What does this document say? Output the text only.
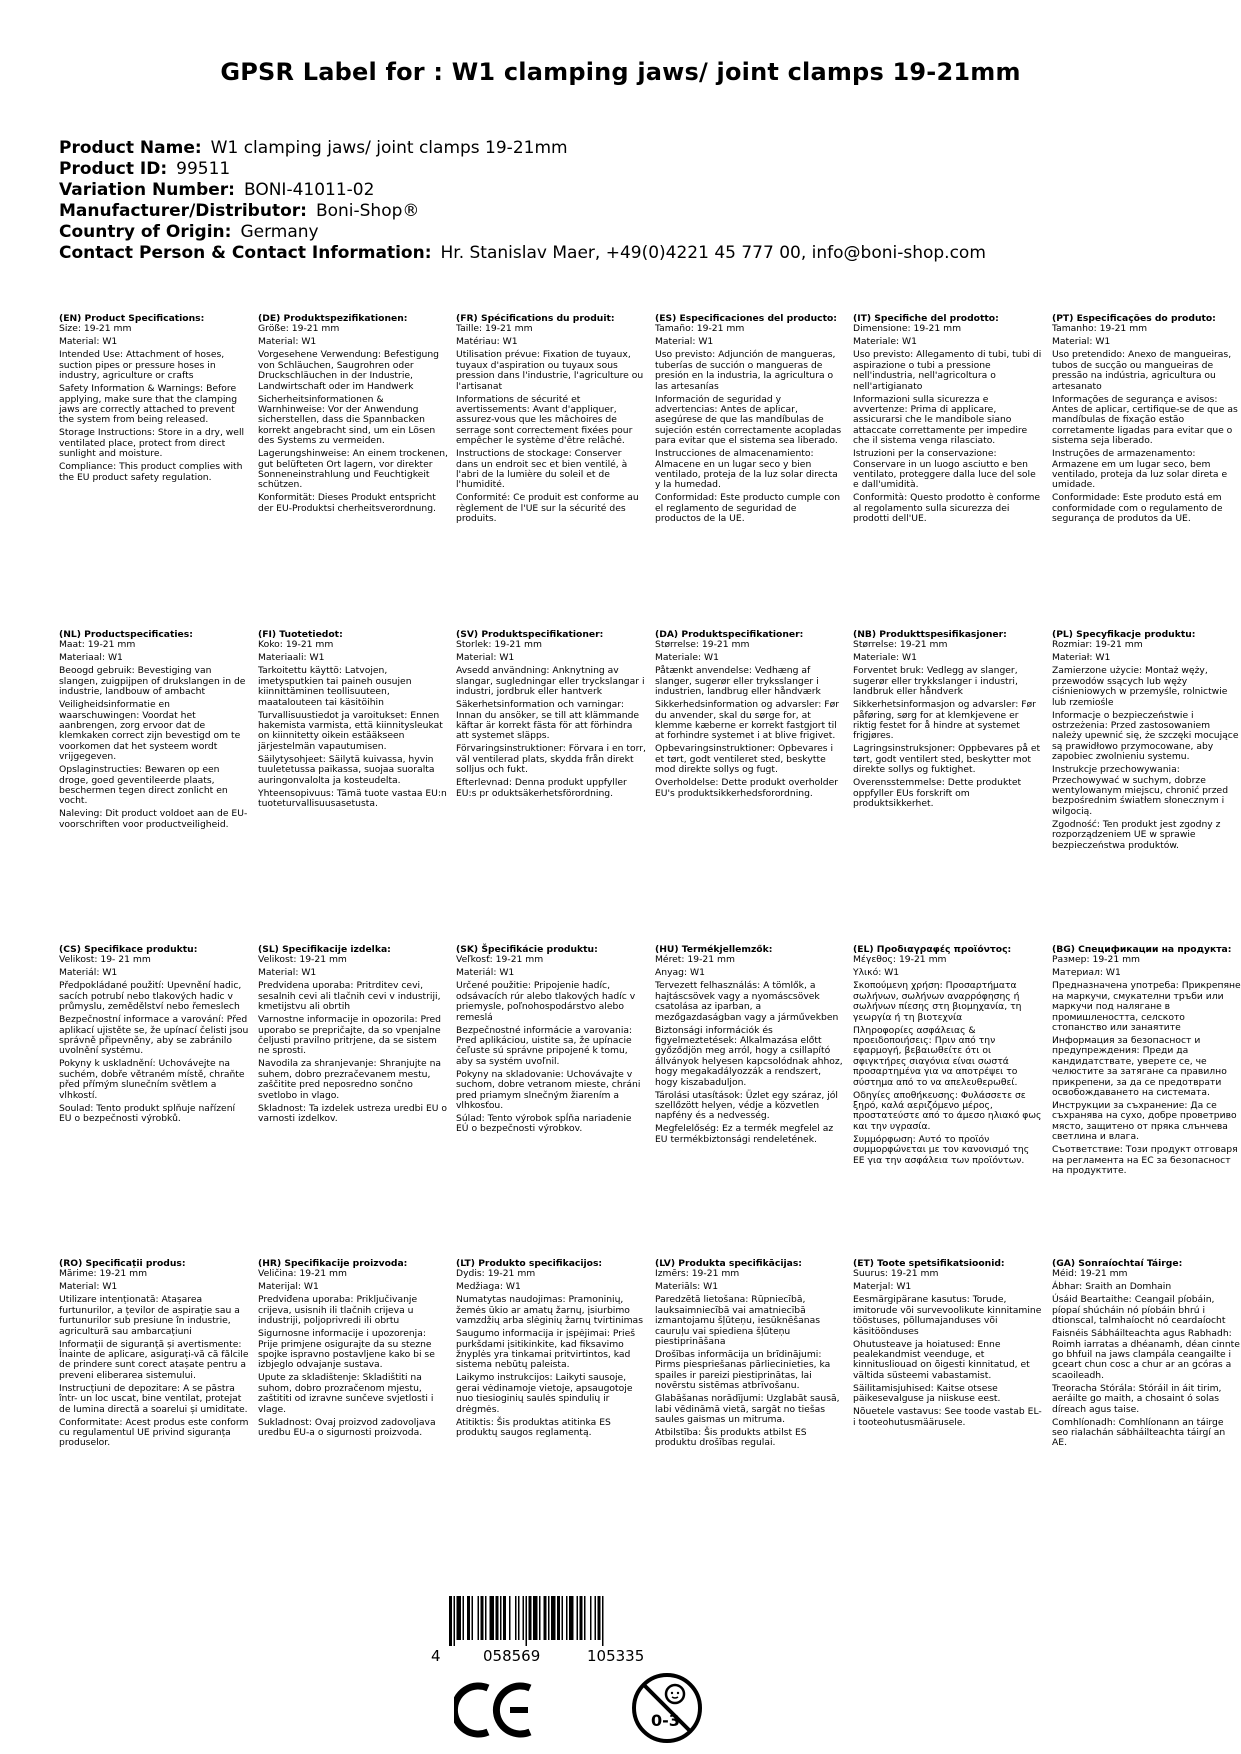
GPSR Label for : W1 clamping jaws/ joint clamps 19-21mm
Product Name: W1 clamping jaws/ joint clamps 19-21mm
Product ID: 99511
Variation Number: BONI-41011-02
Manufacturer/Distributor: Boni-Shop®
Country of Origin: Germany
Contact Person & Contact Information: Hr. Stanislav Maer, +49(0)4221 45 777 00, info@boni-shop.com
(EN) Product Specifications:

Size: 19-21 mm

Material: W1

Intended Use: Attachment of hoses, suction pipes or pressure hoses in industry, agriculture or crafts

Safety Information & Warnings: Before applying, make sure that the clamping jaws are correctly attached to prevent the system from being released.

Storage Instructions: Store in a dry, well ventilated place, protect from direct sunlight and moisture.

Compliance: This product complies with the EU product safety regulation.

(DE) Produktspezifikationen:

Größe: 19-21 mm

Material: W1

Vorgesehene Verwendung: Befestigung von Schläuchen, Saugrohren oder Druckschläuchen in der Industrie, Landwirtschaft oder im Handwerk

Sicherheitsinformationen & Warnhinweise: Vor der Anwendung sicherstellen, dass die Spannbacken korrekt angebracht sind, um ein Lösen des Systems zu vermeiden.

Lagerungshinweise: An einem trockenen, gut belüfteten Ort lagern, vor direkter Sonneneinstrahlung und Feuchtigkeit schützen.

Konformität: Dieses Produkt entspricht der EU-Produktsi cherheitsverordnung.

(FR) Spécifications du produit:

Taille: 19-21 mm

Matériau: W1

Utilisation prévue: Fixation de tuyaux, tuyaux d'aspiration ou tuyaux sous pression dans l'industrie, l'agriculture ou l'artisanat

Informations de sécurité et avertissements: Avant d'appliquer, assurez-vous que les mâchoires de serrage sont correctement fixées pour empêcher le système d'être relâché.

Instructions de stockage: Conserver dans un endroit sec et bien ventilé, à l'abri de la lumière du soleil et de l'humidité.

Conformité: Ce produit est conforme au règlement de l'UE sur la sécurité des produits.

(ES) Especificaciones del producto:

Tamaño: 19-21 mm

Material: W1

Uso previsto: Adjunción de mangueras, tuberías de succión o mangueras de presión en la industria, la agricultura o las artesanías

Información de seguridad y advertencias: Antes de aplicar, asegúrese de que las mandíbulas de sujeción estén correctamente acopladas para evitar que el sistema sea liberado.

Instrucciones de almacenamiento: Almacene en un lugar seco y bien ventilado, proteja de la luz solar directa y la humedad.

Conformidad: Este producto cumple con el reglamento de seguridad de productos de la UE.

(IT) Specifiche del prodotto:

Dimensione: 19-21 mm

Materiale: W1

Uso previsto: Allegamento di tubi, tubi di aspirazione o tubi a pressione nell'industria, nell'agricoltura o nell'artigianato

Informazioni sulla sicurezza e avvertenze: Prima di applicare, assicurarsi che le mandibole siano attaccate correttamente per impedire che il sistema venga rilasciato.

Istruzioni per la conservazione: Conservare in un luogo asciutto e ben ventilato, proteggere dalla luce del sole e dall'umidità.

Conformità: Questo prodotto è conforme al regolamento sulla sicurezza dei prodotti dell'UE.

(PT) Especificações do produto:

Tamanho: 19-21 mm

Material: W1

Uso pretendido: Anexo de mangueiras, tubos de sucção ou mangueiras de pressão na indústria, agricultura ou artesanato

Informações de segurança e avisos: Antes de aplicar, certifique-se de que as mandíbulas de fixação estão corretamente ligadas para evitar que o sistema seja liberado.

Instruções de armazenamento: Armazene em um lugar seco, bem ventilado, proteja da luz solar direta e umidade.

Conformidade: Este produto está em conformidade com o regulamento de segurança de produtos da UE.

(NL) Productspecificaties:

Maat: 19-21 mm

Materiaal: W1

Beoogd gebruik: Bevestiging van slangen, zuigpijpen of drukslangen in de industrie, landbouw of ambacht

Veiligheidsinformatie en waarschuwingen: Voordat het aanbrengen, zorg ervoor dat de klemkaken correct zijn bevestigd om te voorkomen dat het systeem wordt vrijgegeven.

Opslaginstructies: Bewaren op een droge, goed geventileerde plaats, beschermen tegen direct zonlicht en vocht.

Naleving: Dit product voldoet aan de EU-voorschriften voor productveiligheid.

(FI) Tuotetiedot:

Koko: 19-21 mm

Materiaali: W1

Tarkoitettu käyttö: Latvojen, imetysputkien tai paineh ousujen kiinnittäminen teollisuuteen, maatalouteen tai käsitöihin

Turvallisuustiedot ja varoitukset: Ennen hakemista varmista, että kiinnitysleukat on kiinnitetty oikein estääkseen järjestelmän vapautumisen.

Säilytysohjeet: Säilytä kuivassa, hyvin tuuletetussa paikassa, suojaa suoralta auringonvalolta ja kosteudelta.

Yhteensopivuus: Tämä tuote vastaa EU:n tuoteturvallisuusasetusta.

(SV) Produktspecifikationer:

Storlek: 19-21 mm

Material: W1

Avsedd användning: Anknytning av slangar, sugledningar eller tryckslangar i industri, jordbruk eller hantverk

Säkerhetsinformation och varningar: Innan du ansöker, se till att klämmande käftar är korrekt fästa för att förhindra att systemet släpps.

Förvaringsinstruktioner: Förvara i en torr, väl ventilerad plats, skydda från direkt solljus och fukt.

Efterlevnad: Denna produkt uppfyller EU:s pr oduktsäkerhetsförordning.

(DA) Produktspecifikationer:

Størrelse: 19-21 mm

Materiale: W1

Påtænkt anvendelse: Vedhæng af slanger, sugerør eller tryksslanger i industrien, landbrug eller håndværk

Sikkerhedsinformation og advarsler: Før du anvender, skal du sørge for, at klemme kæberne er korrekt fastgjort til at forhindre systemet i at blive frigivet.

Opbevaringsinstruktioner: Opbevares i et tørt, godt ventileret sted, beskytte mod direkte sollys og fugt.

Overholdelse: Dette produkt overholder EU's produktsikkerhedsforordning.

(NB) Produkttspesifikasjoner:

Størrelse: 19-21 mm

Materiale: W1

Forventet bruk: Vedlegg av slanger, sugerør eller trykkslanger i industri, landbruk eller håndverk

Sikkerhetsinformasjon og advarsler: Før påføring, sørg for at klemkjevene er riktig festet for å hindre at systemet frigjøres.

Lagringsinstruksjoner: Oppbevares på et tørt, godt ventilert sted, beskytter mot direkte sollys og fuktighet.

Overensstemmelse: Dette produktet oppfyller EUs forskrift om produktsikkerhet.

(PL) Specyfikacje produktu:

Rozmiar: 19-21 mm

Materiał: W1

Zamierzone użycie: Montaż węży, przewodów ssących lub węży ciśnieniowych w przemyśle, rolnictwie lub rzemiośle

Informacje o bezpieczeństwie i ostrzeżenia: Przed zastosowaniem należy upewnić się, że szczęki mocujące są prawidłowo przymocowane, aby zapobiec zwolnieniu systemu.

Instrukcje przechowywania: Przechowywać w suchym, dobrze wentylowanym miejscu, chronić przed bezpośrednim światłem słonecznym i wilgocią.

Zgodność: Ten produkt jest zgodny z rozporządzeniem UE w sprawie bezpieczeństwa produktów.

(CS) Specifikace produktu:

Velikost: 19- 21 mm

Materiál: W1

Předpokládané použití: Upevnění hadic, sacích potrubí nebo tlakových hadic v průmyslu, zemědělství nebo řemeslech

Bezpečnostní informace a varování: Před aplikací ujistěte se, že upínací čelisti jsou správně připevněny, aby se zabránilo uvolnění systému.

Pokyny k uskladnění: Uchovávejte na suchém, dobře větraném místě, chraňte před přímým slunečním světlem a vlhkostí.

Soulad: Tento produkt splňuje nařízení EU o bezpečnosti výrobků.

(SL) Specifikacije izdelka:

Velikost: 19-21 mm

Material: W1

Predvidena uporaba: Pritrditev cevi, sesalnih cevi ali tlačnih cevi v industriji, kmetijstvu ali obrtih

Varnostne informacije in opozorila: Pred uporabo se prepričajte, da so vpenjalne čeljusti pravilno pritrjene, da se sistem ne sprosti.

Navodila za shranjevanje: Shranjujte na suhem, dobro prezračevanem mestu, zaščitite pred neposredno sončno svetlobo in vlago.

Skladnost: Ta izdelek ustreza uredbi EU o varnosti izdelkov.

(SK) Špecifikácie produktu:

Veľkosť: 19-21 mm

Materiál: W1

Určené použitie: Pripojenie hadíc, odsávacích rúr alebo tlakových hadíc v priemysle, poľnohospodárstvo alebo remeslá

Bezpečnostné informácie a varovania: Pred aplikáciou, uistite sa, že upínacie čeľuste sú správne pripojené k tomu, aby sa systém uvoľnil.

Pokyny na skladovanie: Uchovávajte v suchom, dobre vetranom mieste, chráni pred priamym slnečným žiarením a vlhkosťou.

Súlad: Tento výrobok spĺňa nariadenie EÚ o bezpečnosti výrobkov.

(HU) Termékjellemzők:

Méret: 19-21 mm

Anyag: W1

Tervezett felhasználás: A tömlők, a hajtáscsövek vagy a nyomáscsövek csatolása az iparban, a mezőgazdaságban vagy a járművekben

Biztonsági információk és figyelmeztetések: Alkalmazása előtt győződjön meg arról, hogy a csillapító állványok helyesen kapcsolódnak ahhoz, hogy megakadályozzák a rendszert, hogy kiszabaduljon.

Tárolási utasítások: Üzlet egy száraz, jól szellőzött helyen, védje a közvetlen napfény és a nedvesség.

Megfelelőség: Ez a termék megfelel az EU termékbiztonsági rendeletének.

(EL) Προδιαγραφές προϊόντος:

Μέγεθος: 19-21 mm

Υλικό: W1

Σκοπούμενη χρήση: Προσαρτήματα σωλήνων, σωλήνων αναρρόφησης ή σωλήνων πίεσης στη βιομηχανία, τη γεωργία ή τη βιοτεχνία

Πληροφορίες ασφάλειας & προειδοποιήσεις: Πριν από την εφαρμογή, βεβαιωθείτε ότι οι σφιγκτήρες σιαγόνια είναι σωστά προσαρτημένα για να αποτρέψει το σύστημα από το να απελευθερωθεί.

Οδηγίες αποθήκευσης: Φυλάσσετε σε ξηρό, καλά αεριζόμενο μέρος, προστατεύστε από το άμεσο ηλιακό φως και την υγρασία.

Συμμόρφωση: Αυτό το προϊόν συμμορφώνεται με τον κανονισμό της ΕΕ για την ασφάλεια των προϊόντων.

(BG) Спецификации на продукта:

Размер: 19-21 mm

Материал: W1

Предназначена употреба: Прикрепяне на маркучи, смукателни тръби или маркучи под налягане в промишлеността, селското стопанство или занаятите

Информация за безопасност и предупреждения: Преди да кандидатствате, уверете се, че челюстите за затягане са правилно прикрепени, за да се предотврати освобождаването на системата.

Инструкции за съхранение: Да се съхранява на сухо, добре проветриво място, защитено от пряка слънчева светлина и влага.

Съответствие: Този продукт отговаря на регламента на ЕС за безопасност на продуктите.

(RO) Specificații produs:

Mărime: 19-21 mm

Material: W1

Utilizare intenționată: Atașarea furtunurilor, a țevilor de aspirație sau a furtunurilor sub presiune în industrie, agricultură sau ambarcațiuni

Informații de siguranță și avertismente: Înainte de aplicare, asigurați-vă că fălcile de prindere sunt corect atașate pentru a preveni eliberarea sistemului.

Instrucțiuni de depozitare: A se păstra într- un loc uscat, bine ventilat, protejat de lumina directă a soarelui și umiditate.

Conformitate: Acest produs este conform cu regulamentul UE privind siguranța produselor.

(HR) Specifikacije proizvoda:

Veličina: 19-21 mm

Materijal: W1

Predviđena uporaba: Priključivanje crijeva, usisnih ili tlačnih crijeva u industriji, poljoprivredi ili obrtu

Sigurnosne informacije i upozorenja: Prije primjene osigurajte da su stezne spojke ispravno postavljene kako bi se izbjeglo odvajanje sustava.

Upute za skladištenje: Skladištiti na suhom, dobro prozračenom mjestu, zaštititi od izravne sunčeve svjetlosti i vlage.

Sukladnost: Ovaj proizvod zadovoljava uredbu EU-a o sigurnosti proizvoda.

(LT) Produkto specifikacijos:

Dydis: 19-21 mm

Medžiaga: W1

Numatytas naudojimas: Pramoninių, žemės ūkio ar amatų žarnų, įsiurbimo vamzdžių arba slėginių žarnų tvirtinimas

Saugumo informacija ir įspėjimai: Prieš purkšdami įsitikinkite, kad fiksavimo žnyplės yra tinkamai pritvirtintos, kad sistema nebūtų paleista.

Laikymo instrukcijos: Laikyti sausoje, gerai vėdinamoje vietoje, apsaugotoje nuo tiesioginių saulės spindulių ir drėgmės.

Atitiktis: Šis produktas atitinka ES produktų saugos reglamentą.

(LV) Produkta specifikācijas:

Izmērs: 19-21 mm

Materiāls: W1

Paredzētā lietošana: Rūpniecībā, lauksaimniecībā vai amatniecībā izmantojamu šļūteņu, iesūknēšanas cauruļu vai spiediena šļūteņu piestiprināšana

Drošības informācija un brīdinājumi: Pirms piespriešanas pārliecinieties, ka spailes ir pareizi piestiprinātas, lai novērstu sistēmas atbrīvošanu.

Glabāšanas norādījumi: Uzglabāt sausā, labi vēdināmā vietā, sargāt no tiešas saules gaismas un mitruma.

Atbilstība: Šis produkts atbilst ES produktu drošības regulai.

(ET) Toote spetsifikatsioonid:

Suurus: 19-21 mm

Materjal: W1

Eesmärgipärane kasutus: Torude, imitorude või survevoolikute kinnitamine tööstuses, põllumajanduses või käsitöönduses

Ohutusteave ja hoiatused: Enne pealekandmist veenduge, et kinnitusliouad on õigesti kinnitatud, et vältida süsteemi vabastamist.

Säilitamisjuhised: Kaitse otsese päikesevalguse ja niiskuse eest.

Nõuetele vastavus: See toode vastab EL-i tooteohutusmäärusele.

(GA) Sonraíochtaí Táirge:

Méid: 19-21 mm

Ábhar: Sraith an Domhain

Úsáid Beartaithe: Ceangail píobáin, píopaí shúcháin nó píobáin bhrú i dtionscal, talmhaíocht nó ceardaíocht

Faisnéis Sábháilteachta agus Rabhadh: Roimh iarratas a dhéanamh, déan cinnte go bhfuil na jaws clampála ceangailte i gceart chun cosc a chur ar an gcóras a scaoileadh.

Treoracha Stórála: Stóráil in áit tirim, aeráilte go maith, a chosaint ó solas díreach agus taise.

Comhlíonadh: Comhlíonann an táirge seo rialachán sábháilteachta táirgí an AE.

4	058569	105335
0-3
